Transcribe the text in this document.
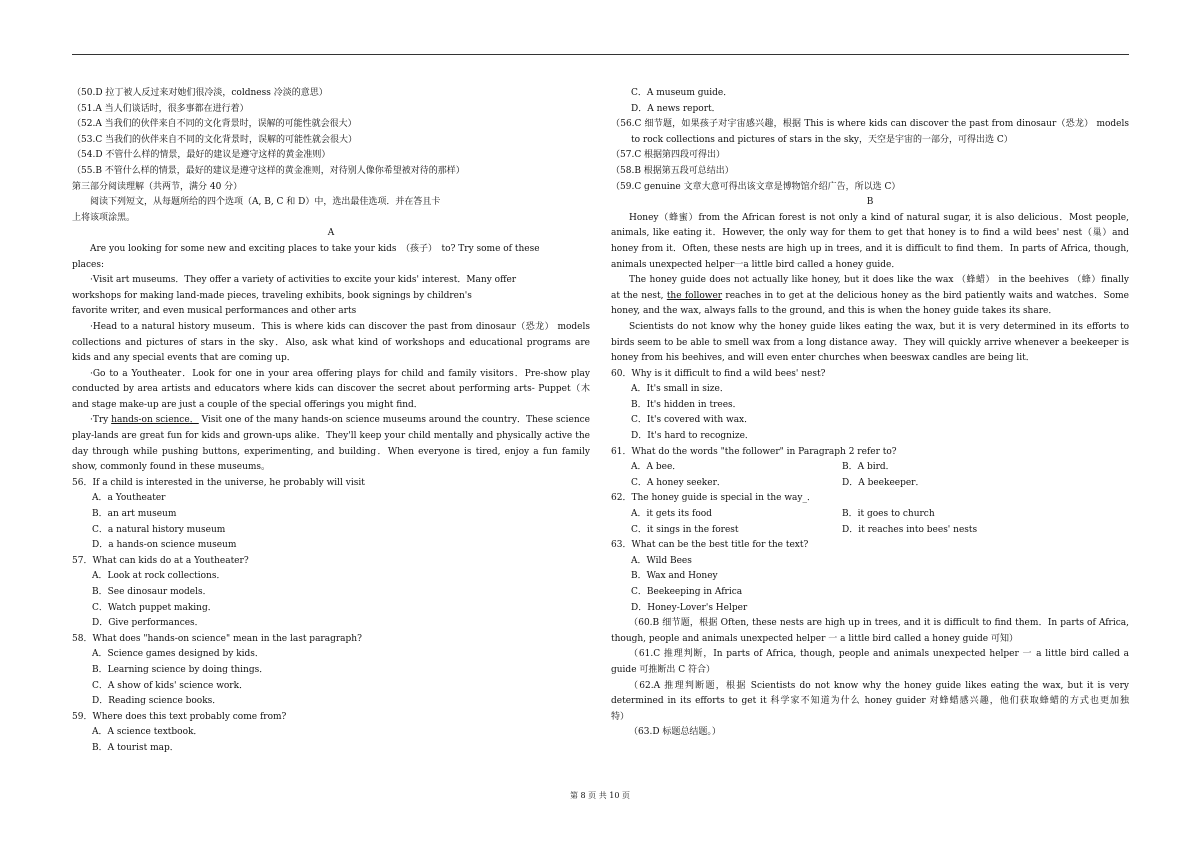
（50.D 拉丁被人反过来对她们很冷淡，coldness 冷淡的意思）
（51.A 当人们谈话时，很多事都在进行着）
（52.A 当我们的伙伴来自不同的文化背景时，误解的可能性就会很大）
（53.C 当我们的伙伴来自不同的文化背景时，误解的可能性就会很大）
（54.D 不管什么样的情景，最好的建议是遵守这样的黄金准则）
（55.B 不管什么样的情景，最好的建议是遵守这样的黄金准则，对待别人像你希望被对待的那样）
第三部分阅读理解（共两节，满分 40 分）
阅读下列短文，从每题所给的四个选项（A, B, C 和 D）中，选出最佳选项．并在答且卡
上将该项涂黑。
A
Are you looking for some new and exciting places to take your kids　（孩子）　to? Try some of these
places:
·Visit art museums．They offer a variety of activities to excite your kids' interest．Many offer
workshops for making land-made pieces, traveling exhibits, book signings by children's
favorite writer, and even musical performances and other arts
·Head to a natural history museum．This is where kids can discover the past from dinosaur（恐龙） models
collections and pictures of stars in the sky．Also, ask what kind of workshops and educational programs are
kids and any special events that are coming up．
·Go to a Youtheater．Look for one in your area offering plays for child and family visitors．Pre-show play
conducted by area artists and educators where kids can discover the secret about performing arts- Puppet（木
and stage make-up are just a couple of the special offerings you might find．
·Try hands-on science． Visit one of the many hands-on science museums around the country．These science
play-lands are great fun for kids and grown-ups alike．They'll keep your child mentally and physically active the
day through while pushing buttons, experimenting, and building．When everyone is tired, enjoy a fun family
show, commonly found in these museums。
56．If a child is interested in the universe, he probably will visit
A．a Youtheater
B．an art museum
C．a natural history museum
D．a hands-on science museum
57．What can kids do at a Youtheater?
A．Look at rock collections．
B．See dinosaur models．
C．Watch puppet making．
D．Give performances．
58．What does "hands-on science" mean in the last paragraph?
A．Science games designed by kids．
B．Learning science by doing things．
C．A show of kids' science work．
D．Reading science books．
59．Where does this text probably come from?
A．A science textbook．
B．A tourist map．
C．A museum guide．
D．A news report．
（56.C 细节题，如果孩子对宇宙感兴趣，根据 This is where kids can discover the past from dinosaur（恐龙） models
to rock collections and pictures of stars in the sky，天空是宇宙的一部分，可得出选 C）
（57.C 根据第四段可得出）
（58.B 根据第五段可总结出）
（59.C genuine 文章大意可得出该文章是博物馆介绍广告，所以选 C）
B
Honey（蜂蜜）from the African forest is not only a kind of natural sugar, it is also delicious．Most people,
animals, like eating it．However, the only way for them to get that honey is to find a wild bees' nest（巢）and
honey from it．Often, these nests are high up in trees, and it is difficult to find them．In parts of Africa, though,
animals unexpected helper一a little bird called a honey guide．
The honey guide does not actually like honey, but it does like the wax （蜂蜡） in the beehives （蜂）finally
at the nest, the follower reaches in to get at the delicious honey as the bird patiently waits and watches．Some
honey, and the wax, always falls to the ground, and this is when the honey guide takes its share．
Scientists do not know why the honey guide likes eating the wax, but it is very determined in its efforts to
birds seem to be able to smell wax from a long distance away．They will quickly arrive whenever a beekeeper is
honey from his beehives, and will even enter churches when beeswax candles are being lit．
60．Why is it difficult to find a wild bees' nest?
A．It's small in size．
B．It's hidden in trees．
C．It's covered with wax．
D．It's hard to recognize．
61．What do the words "the follower" in Paragraph 2 refer to?
A．A bee．	B．A bird．
C．A honey seeker．	D．A beekeeper．
62．The honey guide is special in the way_．
A．it gets its food	B．it goes to church
C．it sings in the forest	D．it reaches into bees' nests
63．What can be the best title for the text?
A．Wild Bees
B．Wax and Honey
C．Beekeeping in Africa
D．Honey-Lover's Helper
（60.B 细节题，根据 Often, these nests are high up in trees, and it is difficult to find them．In parts of Africa,
though, people and animals unexpected helper 一 a little bird called a honey guide 可知）
（61.C 推理判断，In parts of Africa, though, people and animals unexpected helper 一 a little bird called a
guide 可推断出 C 符合）
（62.A 推理判断题，根据 Scientists do not know why the honey guide likes eating the wax, but it is very
determined in its efforts to get it 科学家不知道为什么 honey guider 对蜂蜡感兴趣，他们获取蜂蜡的方式也更加独
特）
（63.D 标题总结题。）
第 8 页 共 10 页
